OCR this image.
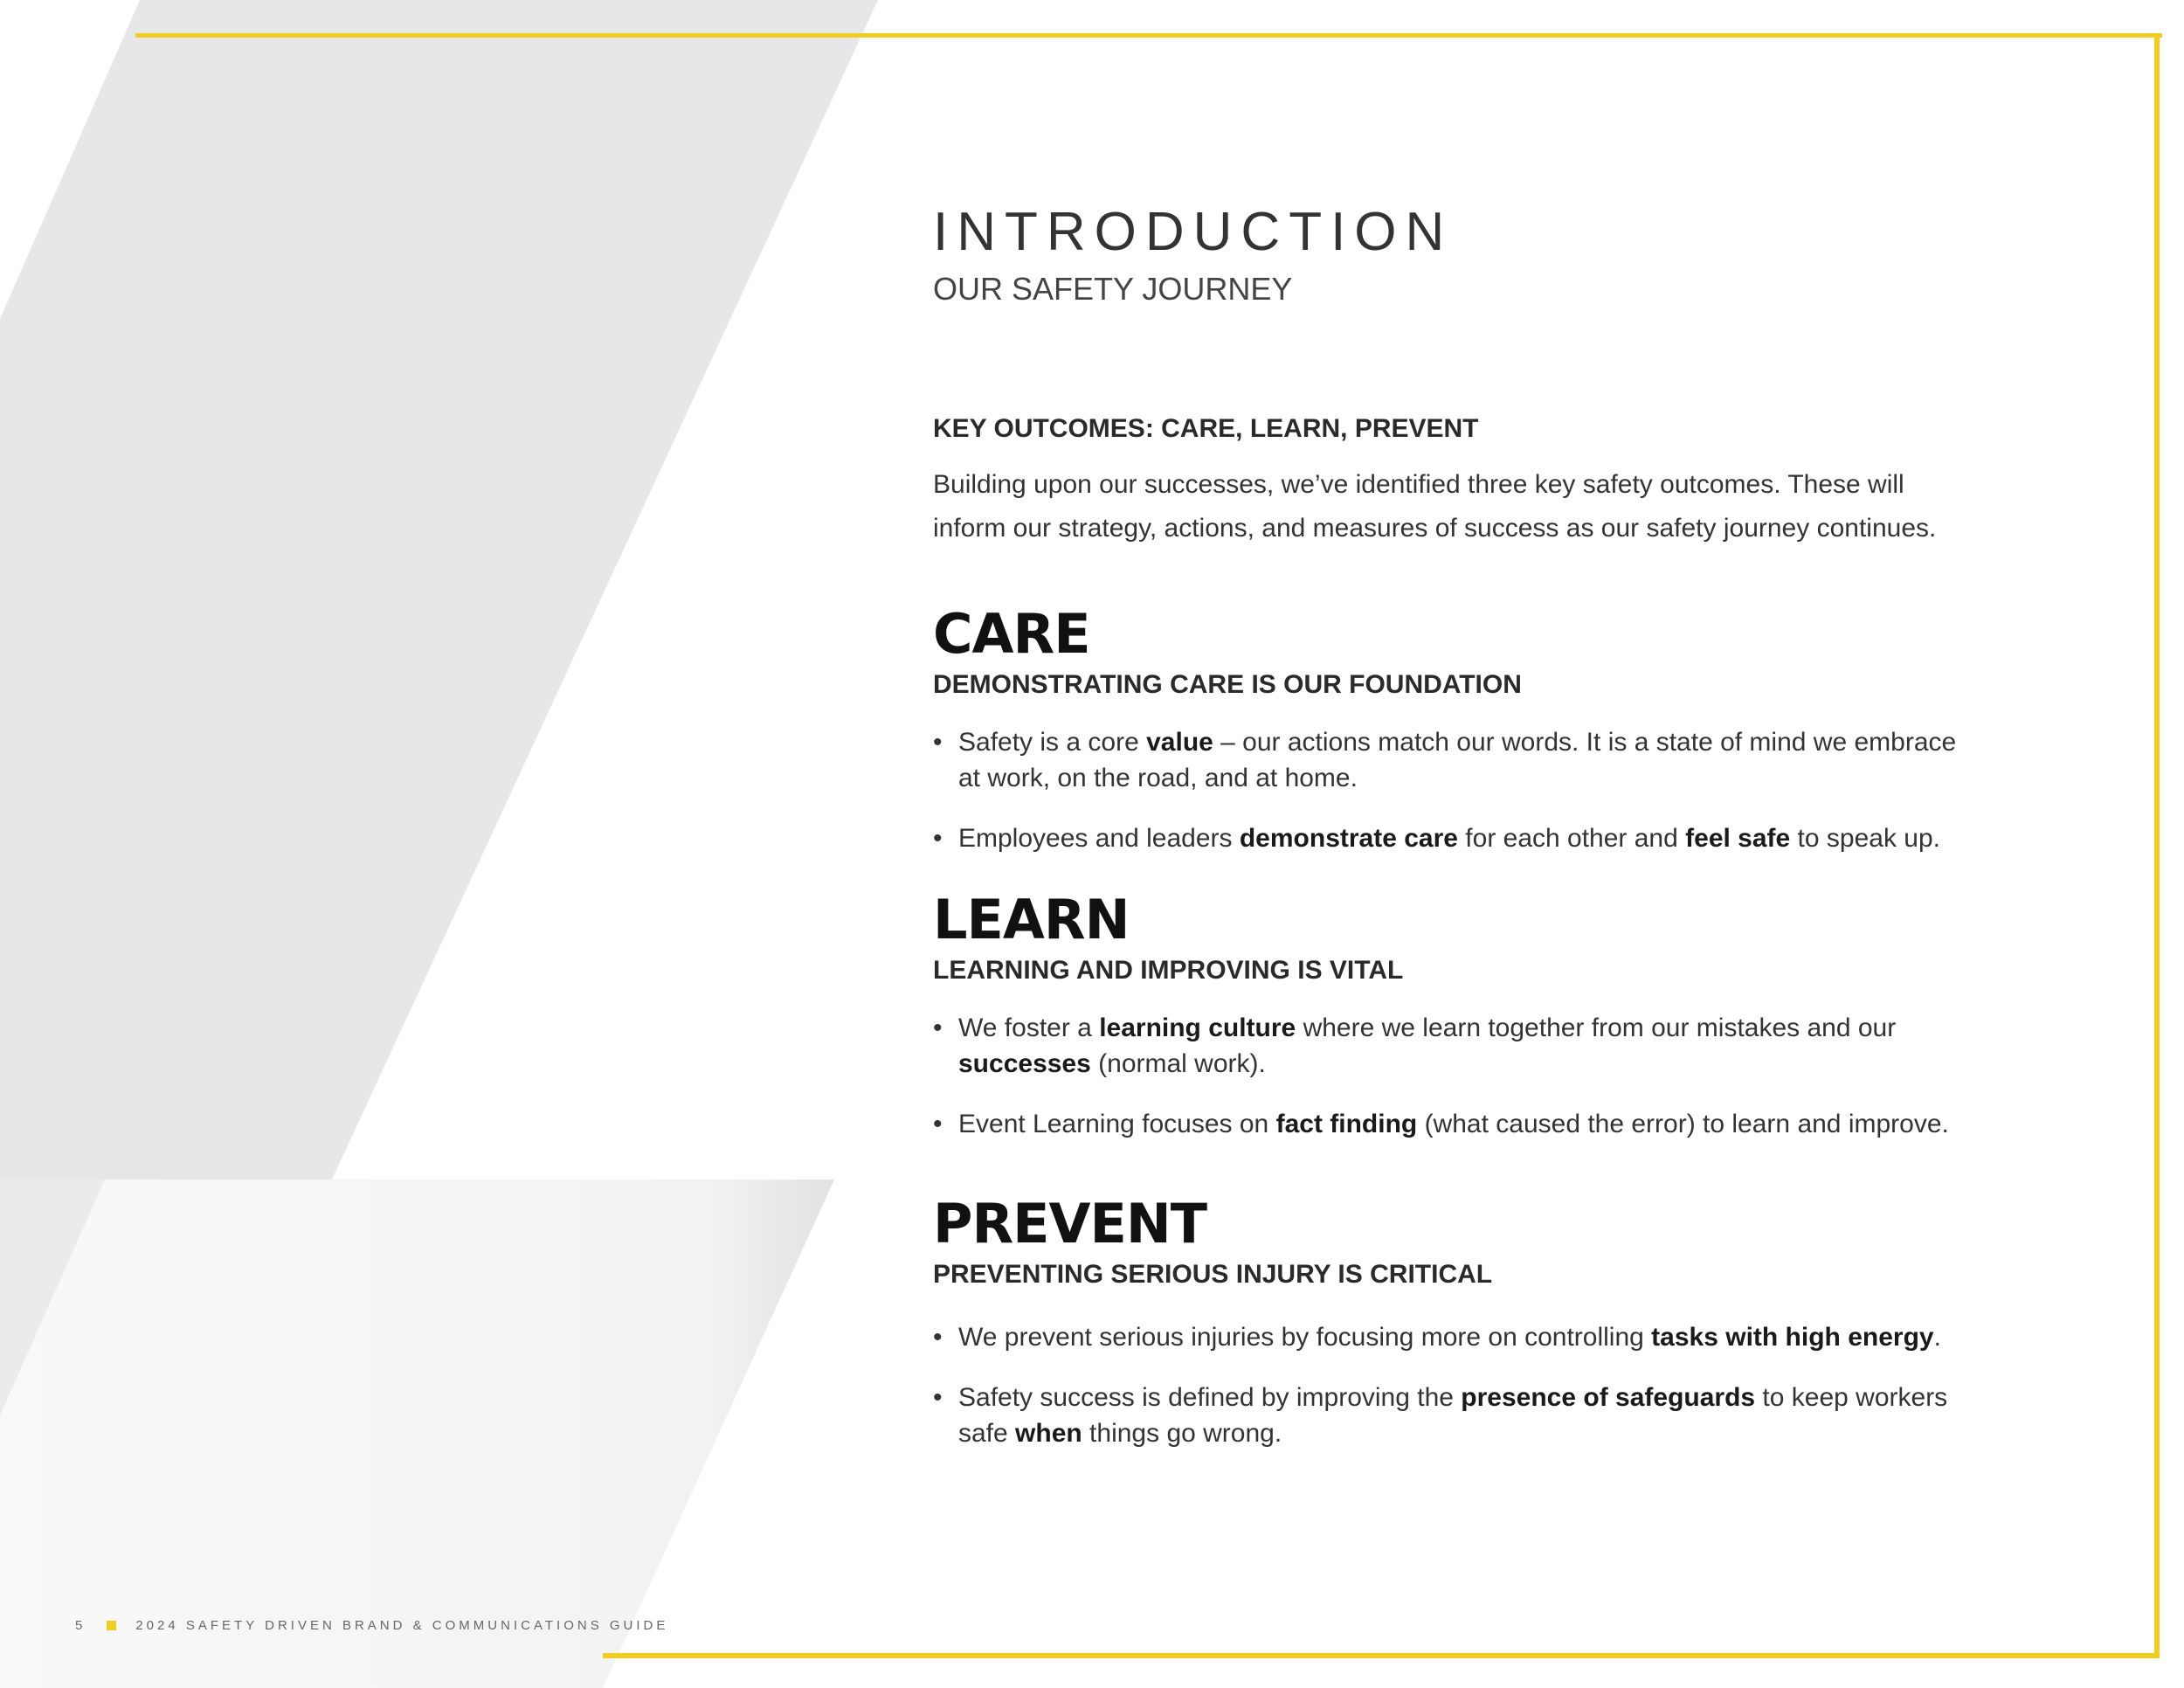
INTRODUCTION
OUR SAFETY JOURNEY
KEY OUTCOMES: CARE, LEARN, PREVENT

Building upon our successes, we’ve identified three key safety outcomes. These will inform our strategy, actions, and measures of success as our safety journey continues.

CARE
DEMONSTRATING CARE IS OUR FOUNDATION
• Safety is a core value – our actions match our words. It is a state of mind we embrace at work, on the road, and at home.
• Employees and leaders demonstrate care for each other and feel safe to speak up.
LEARN
LEARNING AND IMPROVING IS VITAL
• We foster a learning culture where we learn together from our mistakes and our successes (normal work).
• Event Learning focuses on fact finding (what caused the error) to learn and improve.
PREVENT
PREVENTING SERIOUS INJURY IS CRITICAL
• We prevent serious injuries by focusing more on controlling tasks with high energy.
• Safety success is defined by improving the presence of safeguards to keep workers safe when things go wrong.
5	2024 SAFETY DRIVEN BRAND & COMMUNICATIONS GUIDE
